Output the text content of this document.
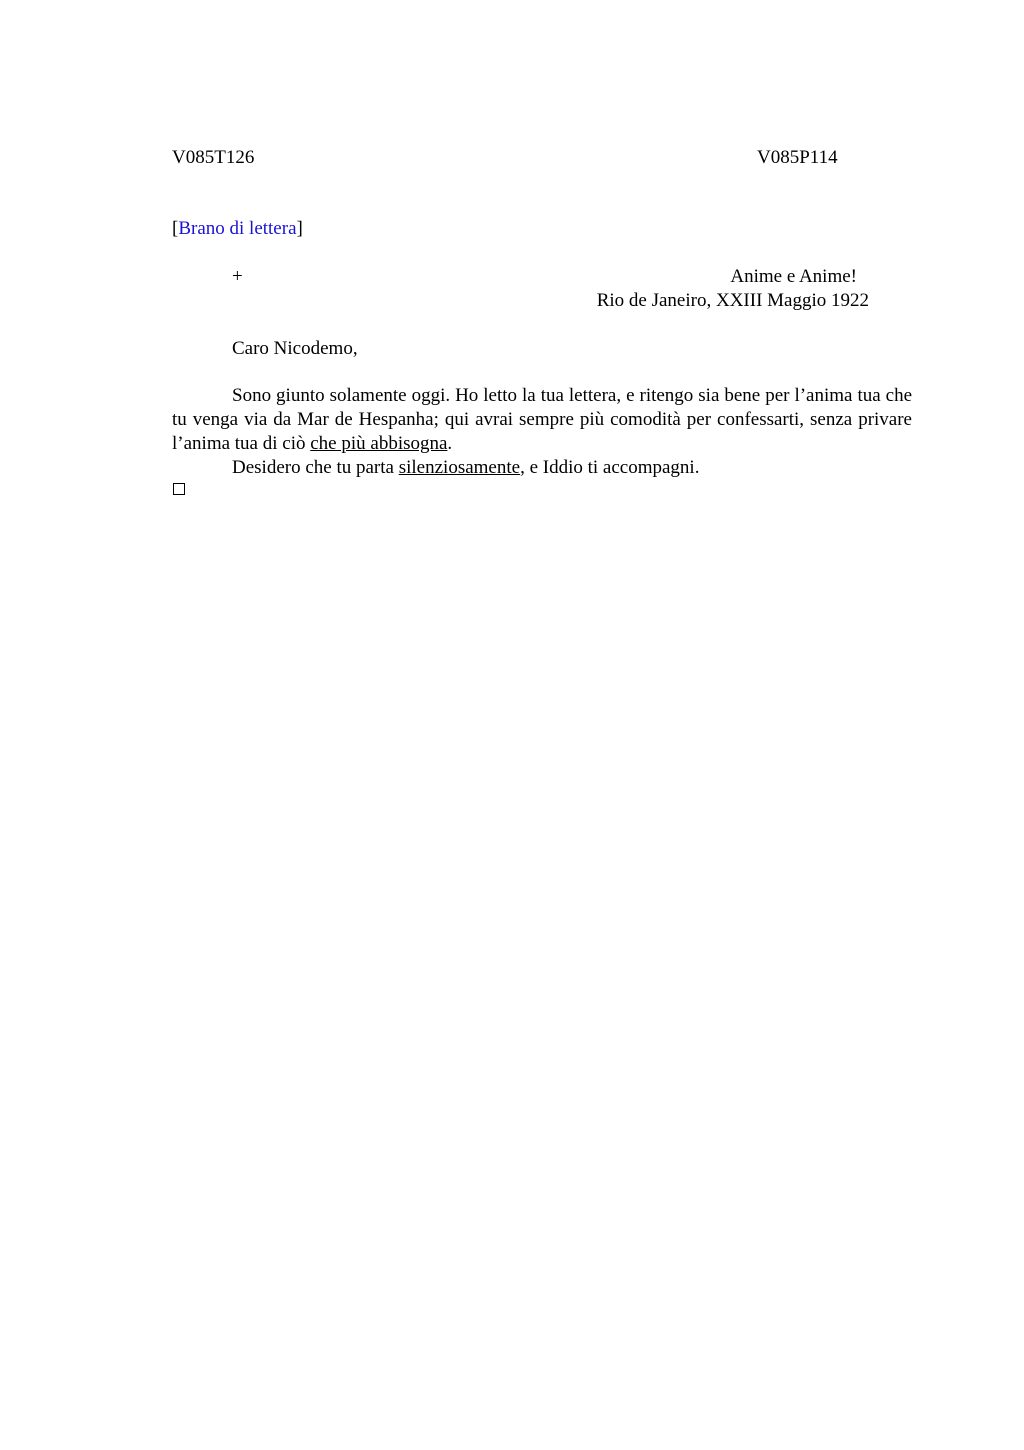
V085T126	V085P114
[Brano di lettera]
+	Anime e Anime!
Rio de Janeiro, XXIII Maggio 1922
Caro Nicodemo,

Sono giunto solamente oggi. Ho letto la tua lettera, e ritengo sia bene per l’anima tua che tu venga via da Mar de Hespanha; qui avrai sempre più comodità per confessarti, senza privare l’anima tua di ciò che più abbisogna.

Desidero che tu parta silenziosamente, e Iddio ti accompagni.
